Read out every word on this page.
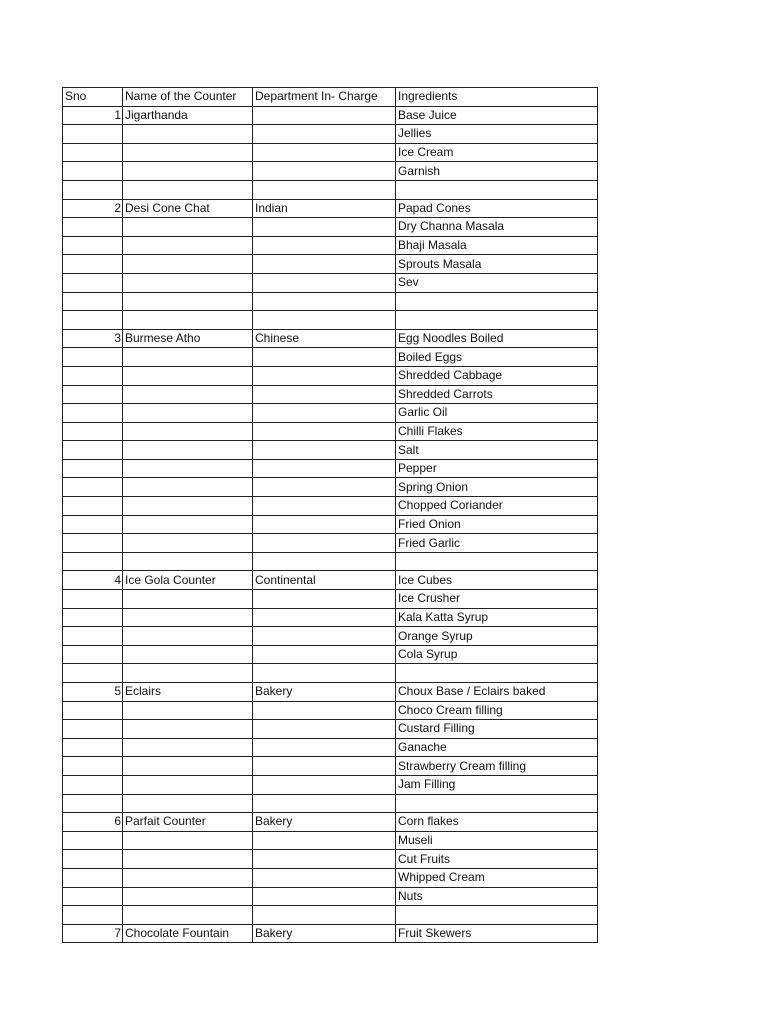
Sno	Name of the Counter	Department In- Charge	Ingredients
1	Jigarthanda		Base Juice
			Jellies
			Ice Cream
			Garnish

2	Desi Cone Chat	Indian	Papad Cones
			Dry Channa Masala
			Bhaji Masala
			Sprouts Masala
			Sev

3	Burmese Atho	Chinese	Egg Noodles Boiled
			Boiled Eggs
			Shredded Cabbage
			Shredded Carrots
			Garlic Oil
			Chilli Flakes
			Salt
			Pepper
			Spring Onion
			Chopped Coriander
			Fried Onion
			Fried Garlic

4	Ice Gola Counter	Continental	Ice Cubes
			Ice Crusher
			Kala Katta Syrup
			Orange Syrup
			Cola Syrup

5	Eclairs	Bakery	Choux Base / Eclairs baked
			Choco Cream filling
			Custard Filling
			Ganache
			Strawberry Cream filling
			Jam Filling

6	Parfait Counter	Bakery	Corn flakes
			Museli
			Cut Fruits
			Whipped Cream
			Nuts

7	Chocolate Fountain	Bakery	Fruit Skewers
